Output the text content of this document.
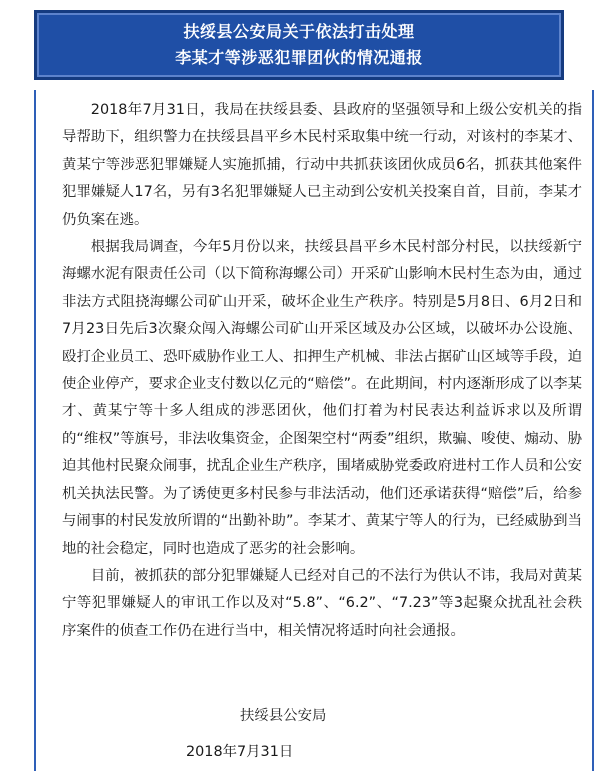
扶绥县公安局关于依法打击处理
李某才等涉恶犯罪团伙的情况通报

2018年7月31日，我局在扶绥县委、县政府的坚强领导和上级公安机关的指导帮助下，组织警力在扶绥县昌平乡木民村采取集中统一行动，对该村的李某才、黄某宁等涉恶犯罪嫌疑人实施抓捕，行动中共抓获该团伙成员6名，抓获其他案件犯罪嫌疑人17名，另有3名犯罪嫌疑人已主动到公安机关投案自首，目前，李某才仍负案在逃。

根据我局调查，今年5月份以来，扶绥县昌平乡木民村部分村民，以扶绥新宁海螺水泥有限责任公司（以下简称海螺公司）开采矿山影响木民村生态为由，通过非法方式阻挠海螺公司矿山开采，破坏企业生产秩序。特别是5月8日、6月2日和7月23日先后3次聚众闯入海螺公司矿山开采区域及办公区域，以破坏办公设施、殴打企业员工、恐吓威胁作业工人、扣押生产机械、非法占据矿山区域等手段，迫使企业停产，要求企业支付数以亿元的“赔偿”。在此期间，村内逐渐形成了以李某才、黄某宁等十多人组成的涉恶团伙，他们打着为村民表达利益诉求以及所谓的“维权”等旗号，非法收集资金，企图架空村“两委”组织，欺骗、唆使、煽动、胁迫其他村民聚众闹事，扰乱企业生产秩序，围堵威胁党委政府进村工作人员和公安机关执法民警。为了诱使更多村民参与非法活动，他们还承诺获得“赔偿”后，给参与闹事的村民发放所谓的“出勤补助”。李某才、黄某宁等人的行为，已经威胁到当地的社会稳定，同时也造成了恶劣的社会影响。

目前，被抓获的部分犯罪嫌疑人已经对自己的不法行为供认不讳，我局对黄某宁等犯罪嫌疑人的审讯工作以及对“5.8”、“6.2”、“7.23”等3起聚众扰乱社会秩序案件的侦查工作仍在进行当中，相关情况将适时向社会通报。

扶绥县公安局
2018年7月31日
